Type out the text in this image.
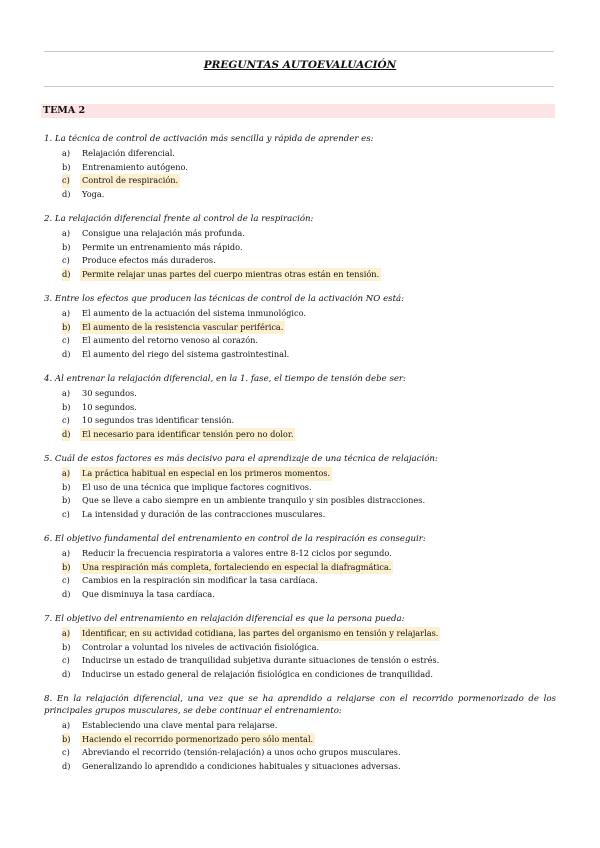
PREGUNTAS AUTOEVALUACIÓN
TEMA 2
1. La técnica de control de activación más sencilla y rápida de aprender es:
a) Relajación diferencial.
b) Entrenamiento autógeno.
c) Control de respiración.
d) Yoga.
2. La relajación diferencial frente al control de la respiración:
a) Consigue una relajación más profunda.
b) Permite un entrenamiento más rápido.
c) Produce efectos más duraderos.
d) Permite relajar unas partes del cuerpo mientras otras están en tensión.
3. Entre los efectos que producen las técnicas de control de la activación NO está:
a) El aumento de la actuación del sistema inmunológico.
b) El aumento de la resistencia vascular periférica.
c) El aumento del retorno venoso al corazón.
d) El aumento del riego del sistema gastrointestinal.
4. Al entrenar la relajación diferencial, en la 1. fase, el tiempo de tensión debe ser:
a) 30 segundos.
b) 10 segundos.
c) 10 segundos tras identificar tensión.
d) El necesario para identificar tensión pero no dolor.
5. Cuál de estos factores es más decisivo para el aprendizaje de una técnica de relajación:
a) La práctica habitual en especial en los primeros momentos.
b) El uso de una técnica que implique factores cognitivos.
b) Que se lleve a cabo siempre en un ambiente tranquilo y sin posibles distracciones.
c) La intensidad y duración de las contracciones musculares.
6. El objetivo fundamental del entrenamiento en control de la respiración es conseguir:
a) Reducir la frecuencia respiratoria a valores entre 8-12 ciclos por segundo.
b) Una respiración más completa, fortaleciendo en especial la diafragmática.
c) Cambios en la respiración sin modificar la tasa cardíaca.
d) Que disminuya la tasa cardíaca.
7. El objetivo del entrenamiento en relajación diferencial es que la persona pueda:
a) Identificar, en su actividad cotidiana, las partes del organismo en tensión y relajarlas.
b) Controlar a voluntad los niveles de activación fisiológica.
c) Inducirse un estado de tranquilidad subjetiva durante situaciones de tensión o estrés.
d) Inducirse un estado general de relajación fisiológica en condiciones de tranquilidad.
8. En la relajación diferencial, una vez que se ha aprendido a relajarse con el recorrido pormenorizado de los principales grupos musculares, se debe continuar el entrenamiento:
a) Estableciendo una clave mental para relajarse.
b) Haciendo el recorrido pormenorizado pero sólo mental.
c) Abreviando el recorrido (tensión-relajación) a unos ocho grupos musculares.
d) Generalizando lo aprendido a condiciones habituales y situaciones adversas.
